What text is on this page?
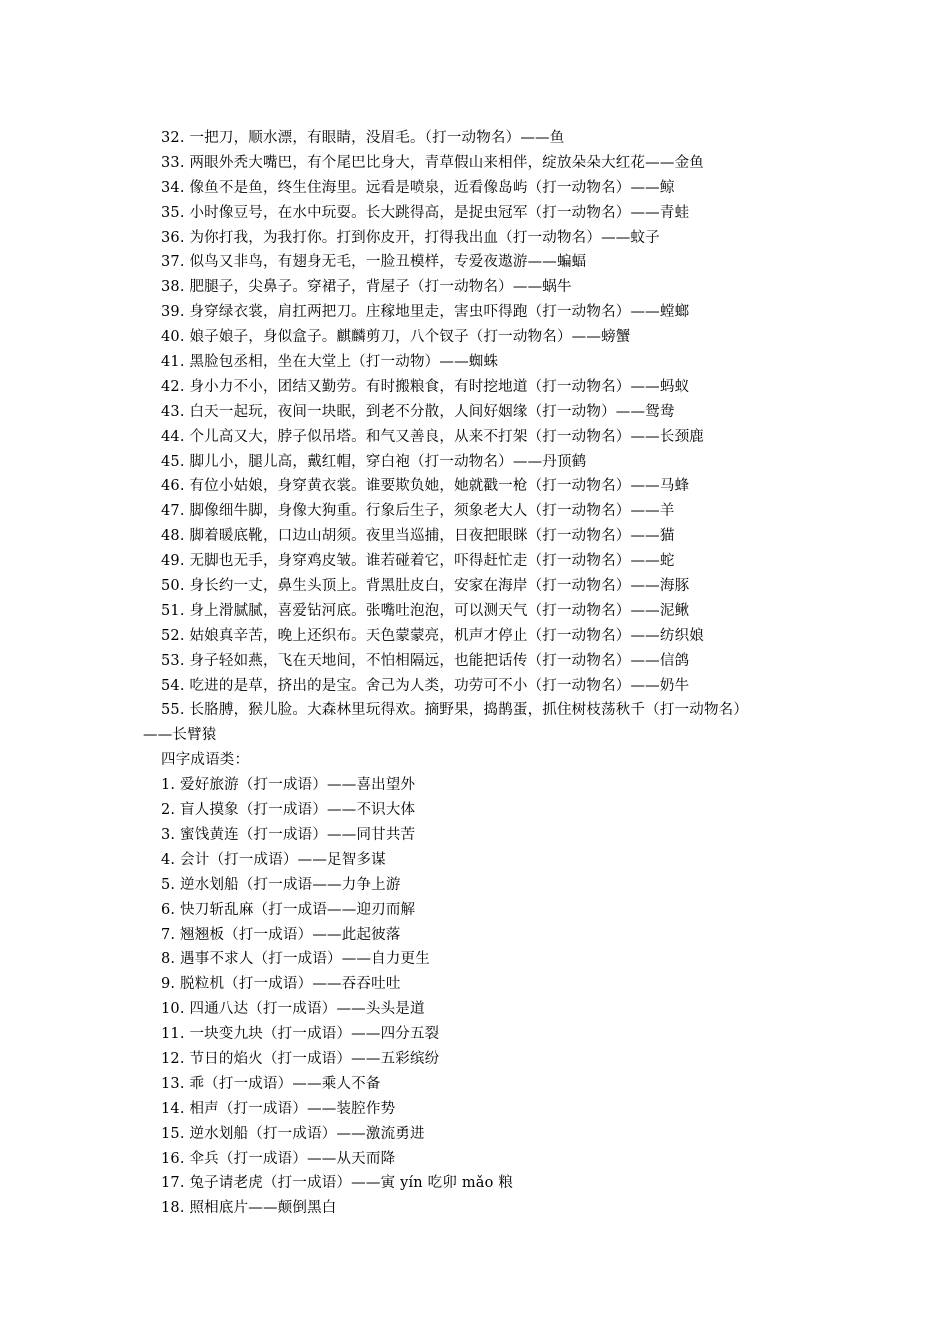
32. 一把刀，顺水漂，有眼睛，没眉毛。（打一动物名）——鱼
33. 两眼外秃大嘴巴，有个尾巴比身大，青草假山来相伴，绽放朵朵大红花——金鱼
34. 像鱼不是鱼，终生住海里。远看是喷泉，近看像岛屿（打一动物名）——鲸
35. 小时像豆号，在水中玩耍。长大跳得高，是捉虫冠军（打一动物名）——青蛙
36. 为你打我，为我打你。打到你皮开，打得我出血（打一动物名）——蚊子
37. 似鸟又非鸟，有翅身无毛，一脸丑模样，专爱夜遨游——蝙蝠
38. 肥腿子，尖鼻子。穿裙子，背屋子（打一动物名）——蜗牛
39. 身穿绿衣裳，肩扛两把刀。庄稼地里走，害虫吓得跑（打一动物名）——螳螂
40. 娘子娘子，身似盒子。麒麟剪刀，八个钗子（打一动物名）——螃蟹
41. 黑脸包丞相，坐在大堂上（打一动物）——蜘蛛
42. 身小力不小，团结又勤劳。有时搬粮食，有时挖地道（打一动物名）——蚂蚁
43. 白天一起玩，夜间一块眠，到老不分散，人间好姻缘（打一动物）——鸳鸯
44. 个儿高又大，脖子似吊塔。和气又善良，从来不打架（打一动物名）——长颈鹿
45. 脚儿小，腿儿高，戴红帽，穿白袍（打一动物名）——丹顶鹤
46. 有位小姑娘，身穿黄衣裳。谁要欺负她，她就戳一枪（打一动物名）——马蜂
47. 脚像细牛脚，身像大狗重。行象后生子，须象老大人（打一动物名）——羊
48. 脚着暖底靴，口边山胡须。夜里当巡捕，日夜把眼眯（打一动物名）——猫
49. 无脚也无手，身穿鸡皮皱。谁若碰着它，吓得赶忙走（打一动物名）——蛇
50. 身长约一丈，鼻生头顶上。背黑肚皮白，安家在海岸（打一动物名）——海豚
51. 身上滑腻腻，喜爱钻河底。张嘴吐泡泡，可以测天气（打一动物名）——泥鳅
52. 姑娘真辛苦，晚上还织布。天色蒙蒙亮，机声才停止（打一动物名）——纺织娘
53. 身子轻如燕，飞在天地间，不怕相隔远，也能把话传（打一动物名）——信鸽
54. 吃进的是草，挤出的是宝。舍己为人类，功劳可不小（打一动物名）——奶牛
55. 长胳膊，猴儿脸。大森林里玩得欢。摘野果，捣鹊蛋，抓住树枝荡秋千（打一动物名）
——长臂猿
四字成语类：
1. 爱好旅游（打一成语）——喜出望外
2. 盲人摸象（打一成语）——不识大体
3. 蜜饯黄连（打一成语）——同甘共苦
4. 会计（打一成语）——足智多谋
5. 逆水划船（打一成语——力争上游
6. 快刀斩乱麻（打一成语——迎刃而解
7. 翘翘板（打一成语）——此起彼落
8. 遇事不求人（打一成语）——自力更生
9. 脱粒机（打一成语）——吞吞吐吐
10. 四通八达（打一成语）——头头是道
11. 一块变九块（打一成语）——四分五裂
12. 节日的焰火（打一成语）——五彩缤纷
13. 乖（打一成语）——乘人不备
14. 相声（打一成语）——装腔作势
15. 逆水划船（打一成语）——激流勇进
16. 伞兵（打一成语）——从天而降
17. 兔子请老虎（打一成语）——寅 yín 吃卯 mǎo 粮
18. 照相底片——颠倒黑白
